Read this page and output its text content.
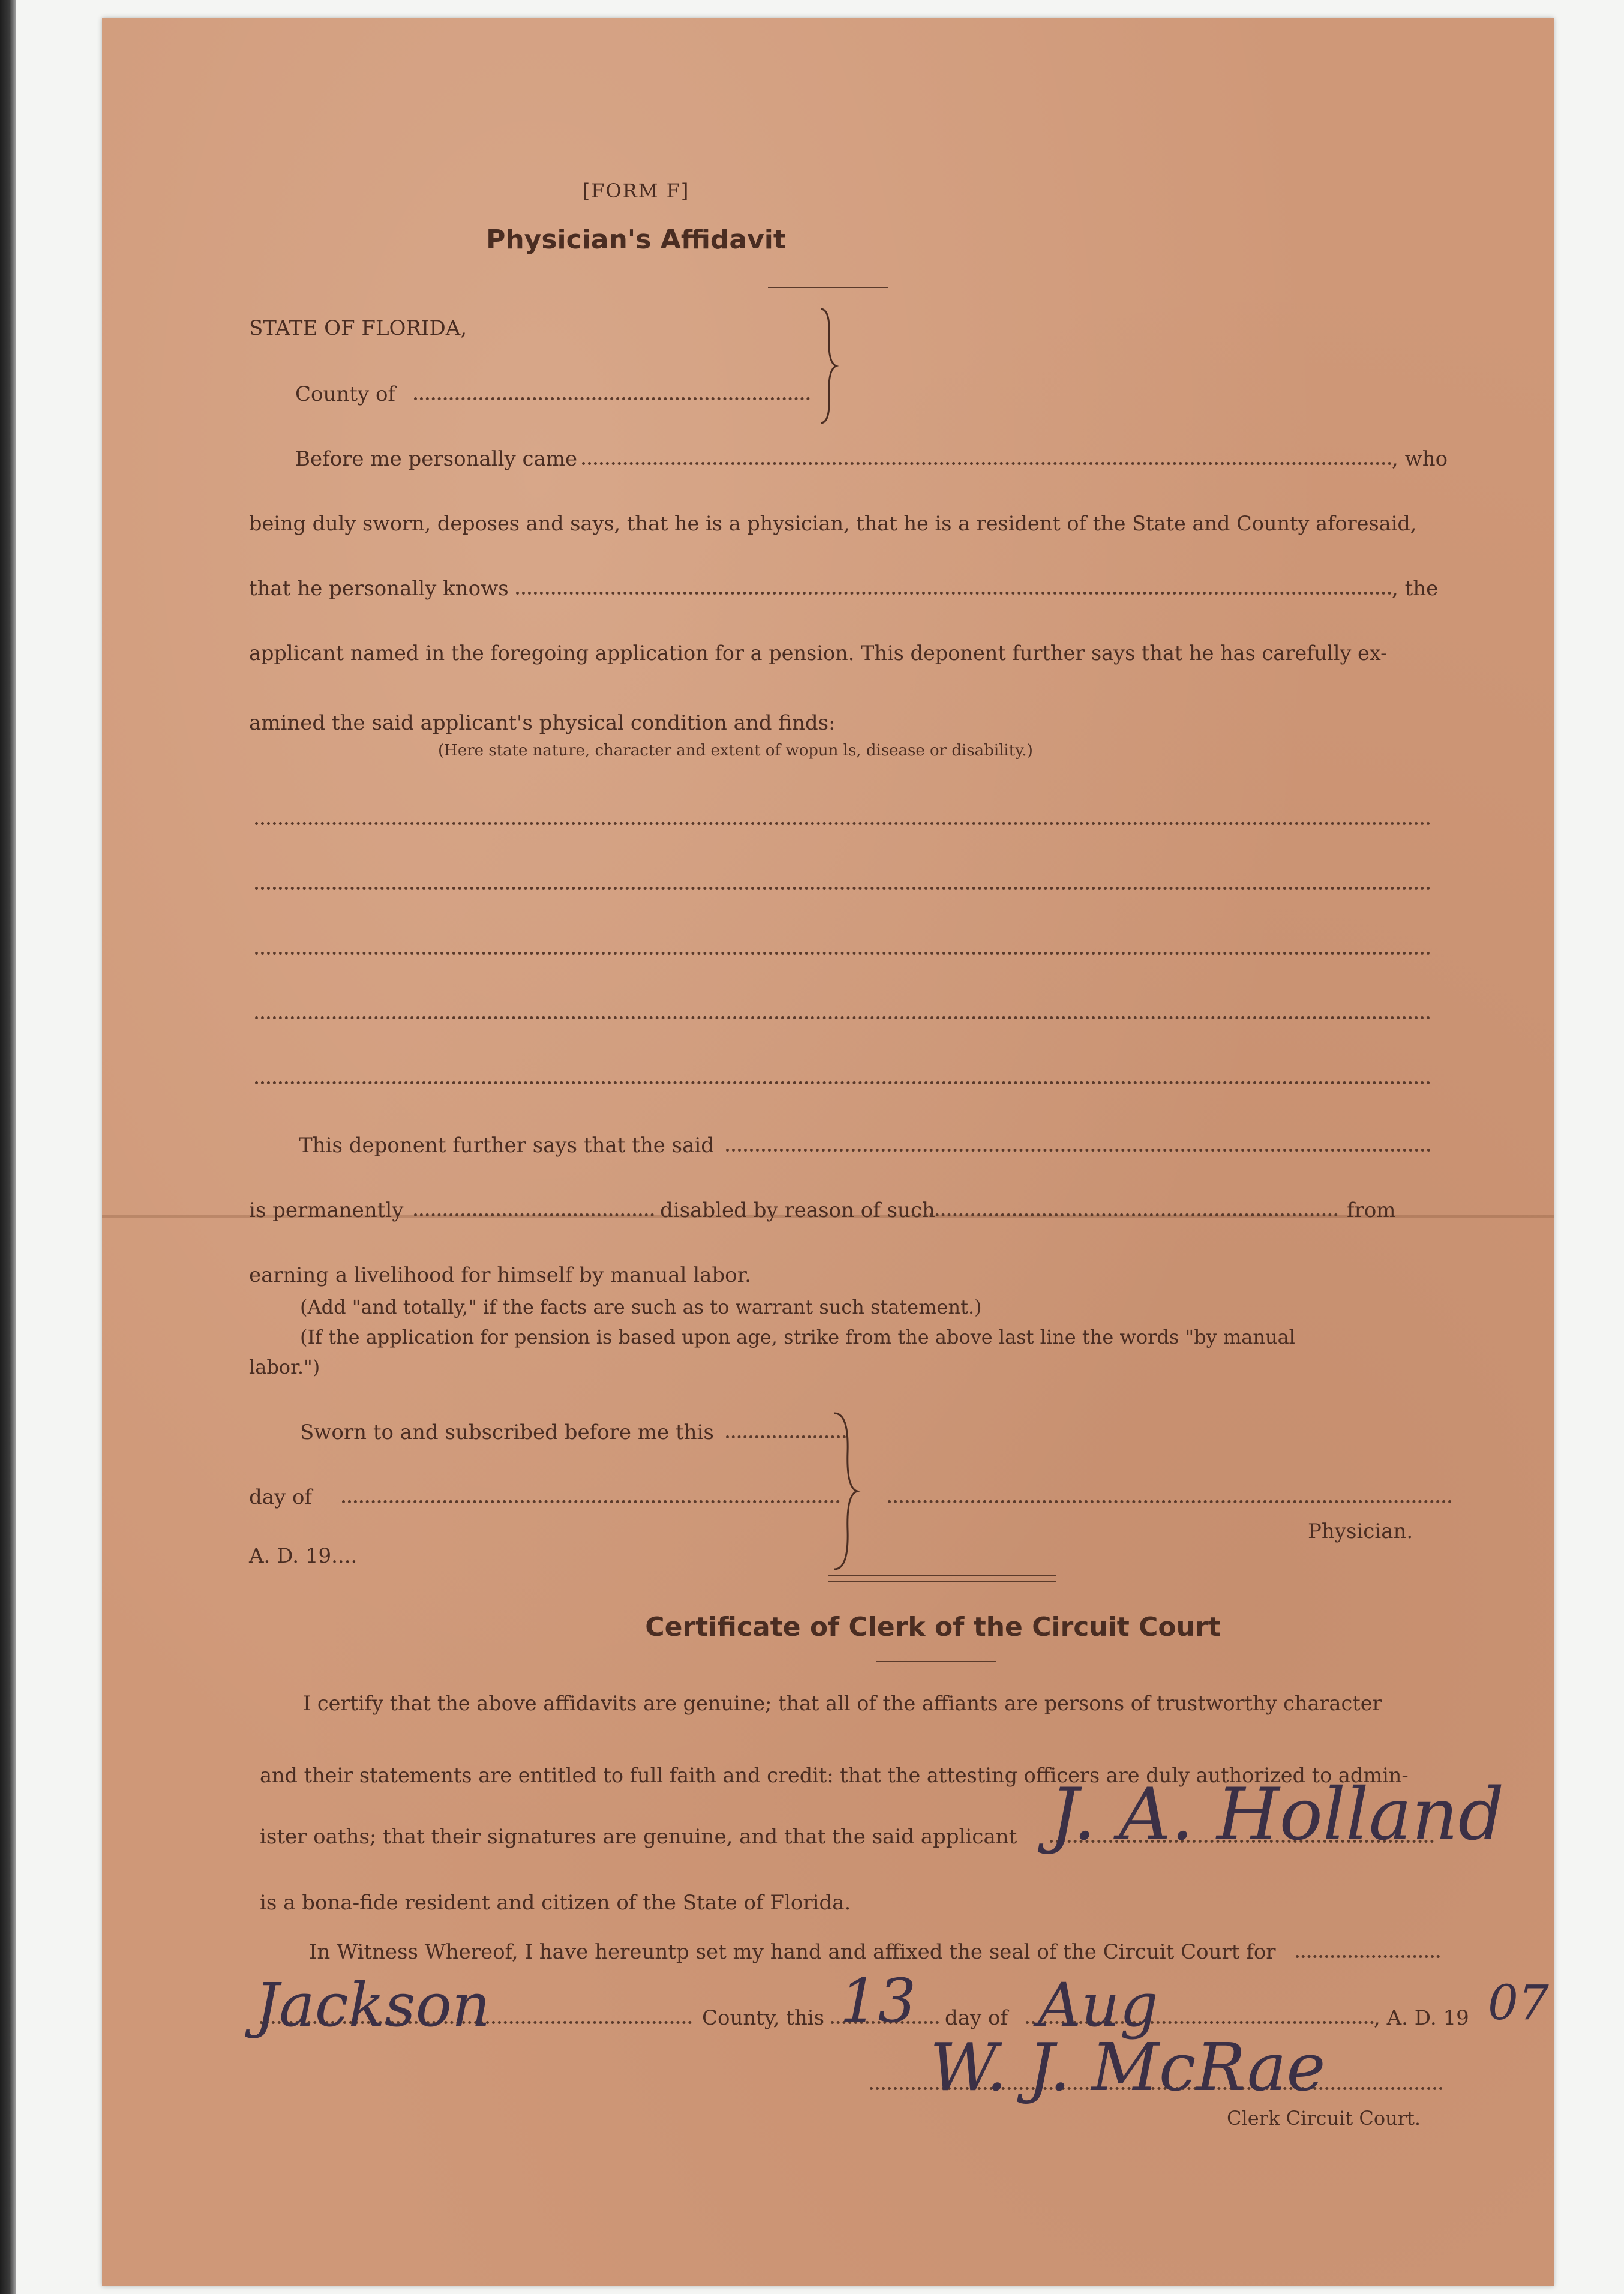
[FORM F]
Physician's Affidavit
STATE OF FLORIDA,
County of
Before me personally came	, who
being duly sworn, deposes and says, that he is a physician, that he is a resident of the State and County aforesaid,
that he personally knows	, the
applicant named in the foregoing application for a pension. This deponent further says that he has carefully ex-
amined the said applicant's physical condition and finds:
(Here state nature, character and extent of wopun ls, disease or disability.)
This deponent further says that the said
is permanently	disabled by reason of such	from
earning a livelihood for himself by manual labor.
(Add "and totally," if the facts are such as to warrant such statement.)
(If the application for pension is based upon age, strike from the above last line the words "by manual
labor.")
Sworn to and subscribed before me this
day of
A. D. 19....
Physician.
Certificate of Clerk of the Circuit Court
I certify that the above affidavits are genuine; that all of the affiants are persons of trustworthy character
and their statements are entitled to full faith and credit: that the attesting officers are duly authorized to admin-
ister oaths; that their signatures are genuine, and that the said applicant
is a bona-fide resident and citizen of the State of Florida.
In Witness Whereof, I have hereuntp set my hand and affixed the seal of the Circuit Court for
County, this	day of	, A. D. 19
Clerk Circuit Court.
J. A. Holland
Jackson	13 Aug	07
W. J. McRae
